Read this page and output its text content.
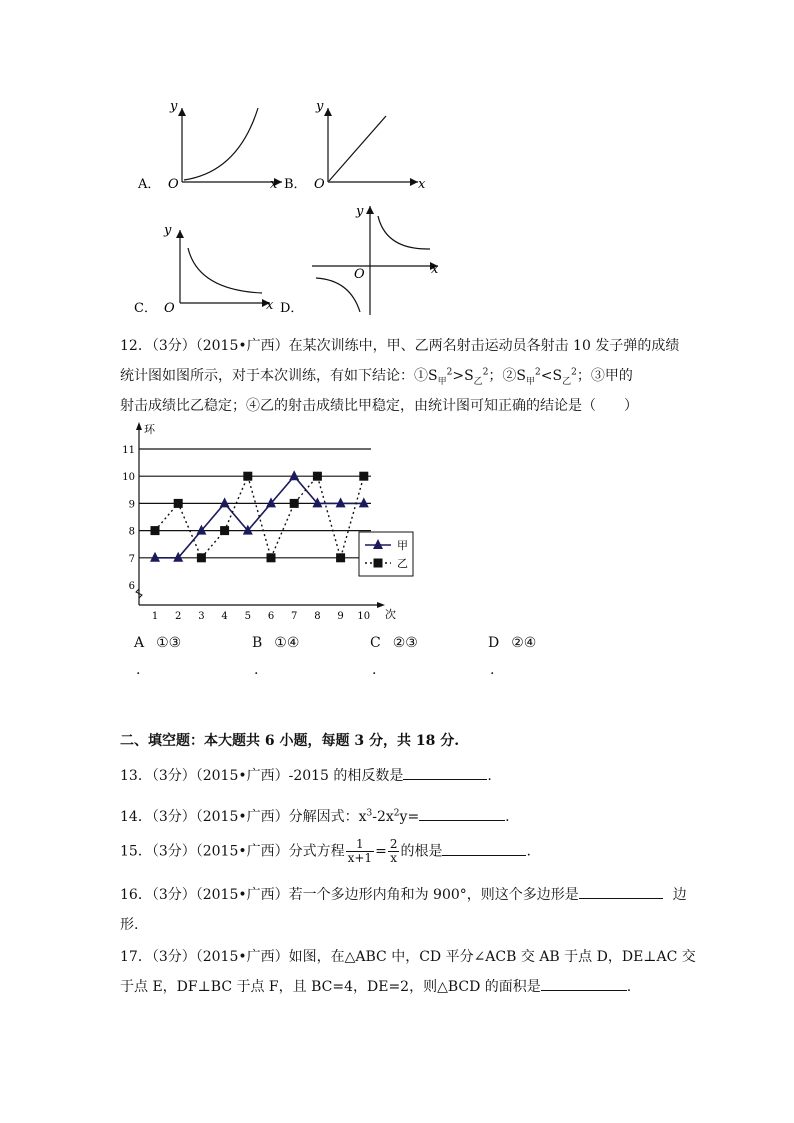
A． O	x
y
B． O	x
y
C． O	x
y
D．
O	x
y
12．（3分）（2015•广西）在某次训练中，甲、乙两名射击运动员各射击 10 发子弹的成绩
统计图如图所示，对于本次训练，有如下结论：$①S_甲^2>S_乙^2$；$②S_甲^2<S_乙^2$；③甲的
射击成绩比乙稳定；④乙的射击成绩比甲稳定，由统计图可知正确的结论是（　　）
6
7
8
9
10
11
1 2 3 4 5 6 7 8 9 10
环
次
甲
乙
A ①③
.
B ①④
.
C ②③
.
D ②④
.
二、填空题：本大题共 6 小题，每题 3 分，共 18 分.
13．（3分）（2015•广西）-2015 的相反数是	.
14．（3分）（2015•广西）分解因式：$x^3-2x^2y=$	.
15．（3分）（2015•广西）分式方程 $\frac{1}{x+1} = \frac{2}{x}$ 的根是	.
16．（3分）（2015•广西）若一个多边形内角和为 900°，则这个多边形是	边
形.
17．（3分）（2015•广西）如图，在△ABC 中，CD 平分∠ACB 交 AB 于点 D，DE⊥AC 交
于点 E，DF⊥BC 于点 F，且 BC=4，DE=2，则△BCD 的面积是	.
